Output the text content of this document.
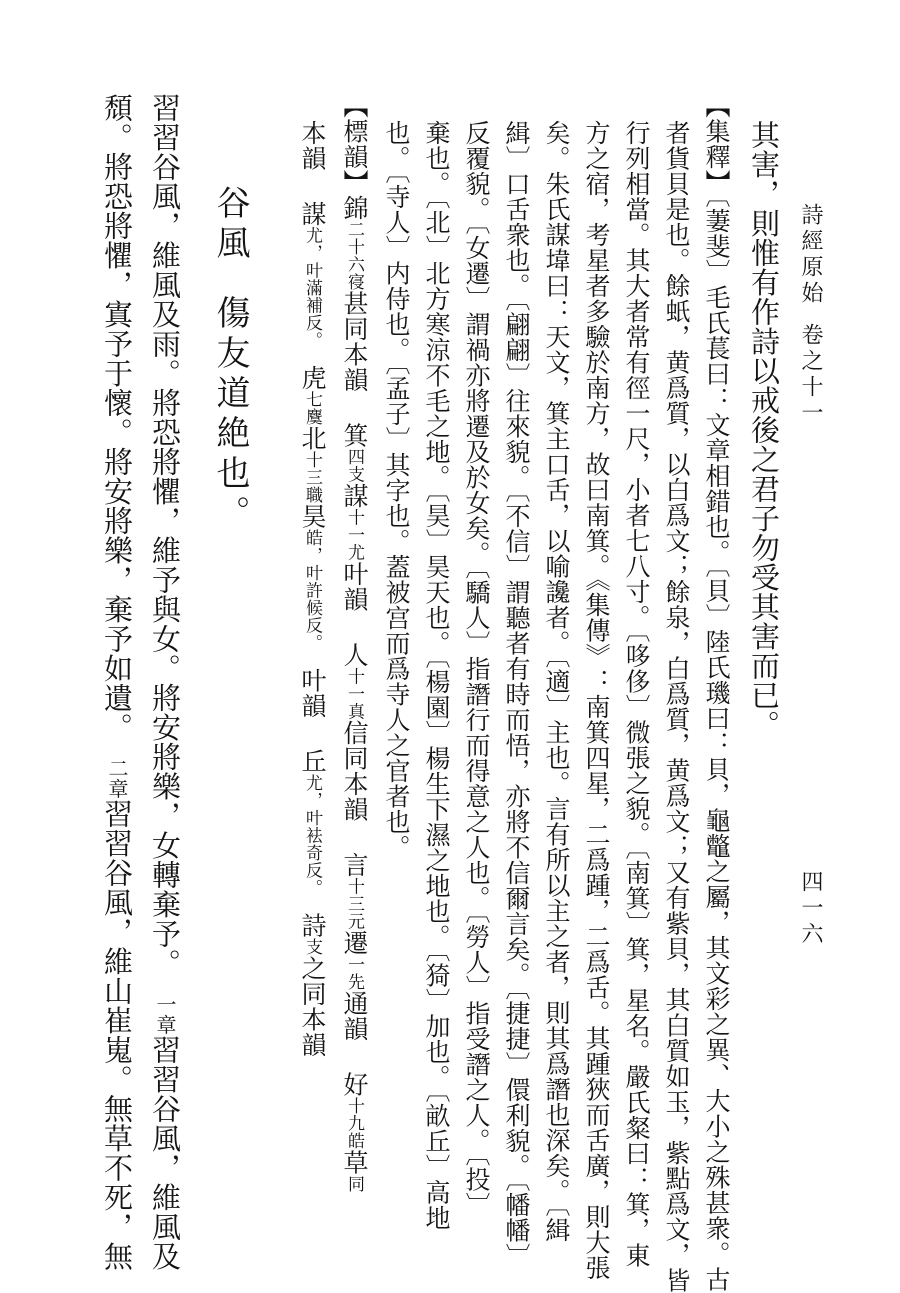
詩經原始卷之十一
四一六
其害，則惟有作詩以戒後之君子勿受其害而已。
【集釋】〔萋斐〕毛氏萇曰：文章相錯也。〔貝〕陸氏璣曰：貝，龜鼈之屬，其文彩之異、大小之殊甚衆。古
者貨貝是也。餘蚔，黄爲質，以白爲文；餘泉，白爲質，黄爲文；又有紫貝，其白質如玉，紫點爲文，皆
行列相當。其大者常有徑一尺，小者七八寸。〔哆侈〕微張之貌。〔南箕〕箕，星名。嚴氏粲曰：箕，東
方之宿，考星者多驗於南方，故曰南箕。《集傳》：南箕四星，二爲踵，二爲舌。其踵狹而舌廣，則大張
矣。朱氏謀㙔曰：天文，箕主口舌，以喻讒者。〔適〕主也。言有所以主之者，則其爲譖也深矣。〔緝
緝〕口舌衆也。〔翩翩〕往來貌。〔不信〕謂聽者有時而悟，亦將不信爾言矣。〔捷捷〕儇利貌。〔幡幡〕
反覆貌。〔女遷〕謂禍亦將遷及於女矣。〔驕人〕指譖行而得意之人也。〔勞人〕指受譖之人。〔投〕
棄也。〔北〕北方寒涼不毛之地。〔昊〕昊天也。〔楊園〕楊生下濕之地也。〔猗〕加也。〔畝丘〕高地
也。〔寺人〕内侍也。〔孟子〕其字也。蓋被宫而爲寺人之官者也。
【標韻】錦二十六寑甚同本韻箕四支謀十一尤叶韻人十一真信同本韻言十三元遷一先通韻好十九皓草同
本韻謀尤，叶滿補反。虎七麌北十三職昊皓，叶許候反。叶韻丘尤，叶袪奇反。詩支之同本韻
谷風傷友道絶也。
習習谷風，維風及雨。將恐將懼，維予與女。將安將樂，女轉棄予。一章習習谷風，維風及
頹。將恐將懼，寘予于懷。將安將樂，棄予如遺。二章習習谷風，維山崔嵬。無草不死，無
